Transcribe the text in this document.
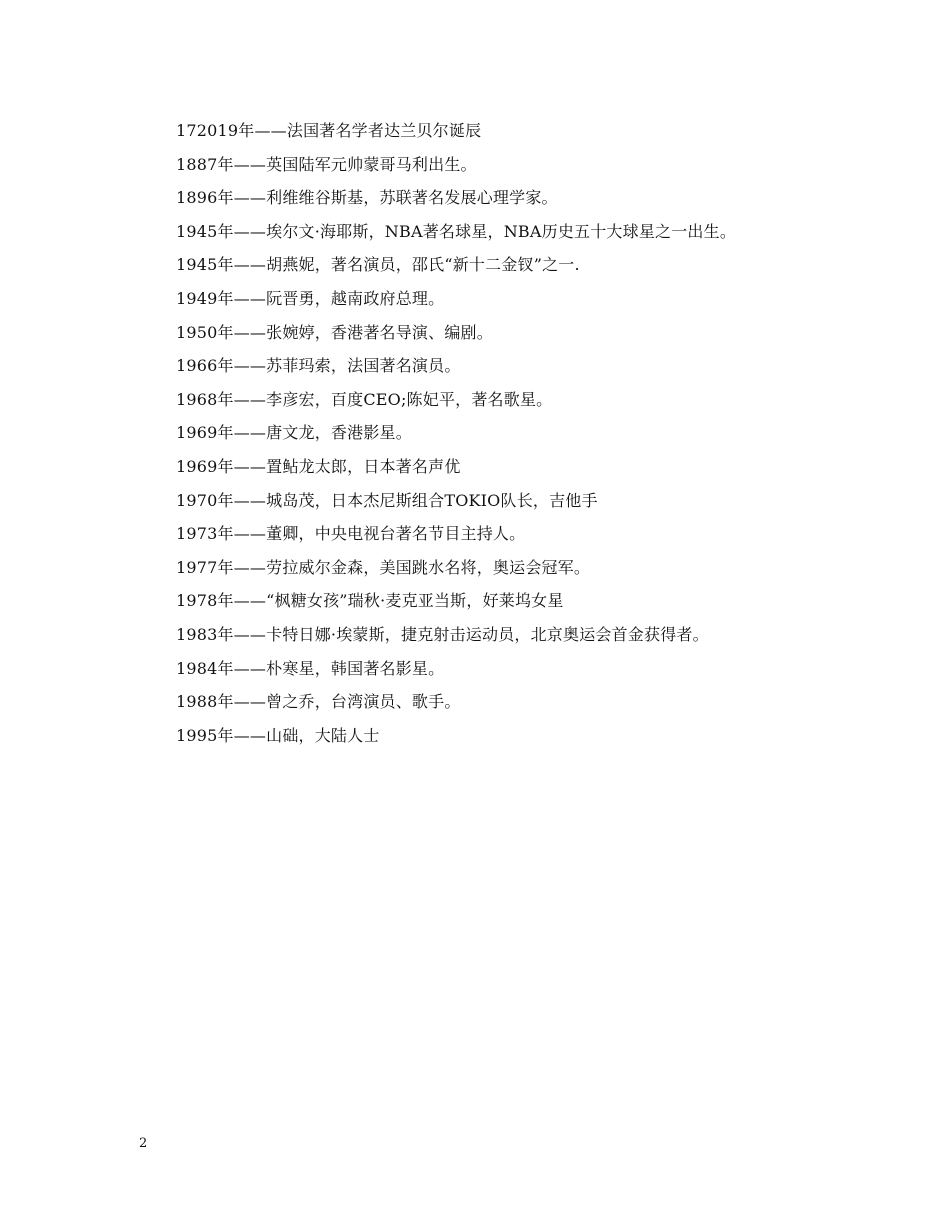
172019年——法国著名学者达兰贝尔诞辰
1887年——英国陆军元帅蒙哥马利出生。
1896年——利维维谷斯基，苏联著名发展心理学家。
1945年——埃尔文·海耶斯，NBA著名球星，NBA历史五十大球星之一出生。
1945年——胡燕妮，著名演员，邵氏“新十二金钗”之一.
1949年——阮晋勇，越南政府总理。
1950年——张婉婷，香港著名导演、编剧。
1966年——苏菲玛索，法国著名演员。
1968年——李彦宏，百度CEO;陈妃平，著名歌星。
1969年——唐文龙，香港影星。
1969年——置鲇龙太郎，日本著名声优
1970年——城岛茂，日本杰尼斯组合TOKIO队长，吉他手
1973年——董卿，中央电视台著名节目主持人。
1977年——劳拉威尔金森，美国跳水名将，奥运会冠军。
1978年——“枫糖女孩”瑞秋·麦克亚当斯，好莱坞女星
1983年——卡特日娜·埃蒙斯，捷克射击运动员，北京奥运会首金获得者。
1984年——朴寒星，韩国著名影星。
1988年——曾之乔，台湾演员、歌手。
1995年——山础，大陆人士
2
